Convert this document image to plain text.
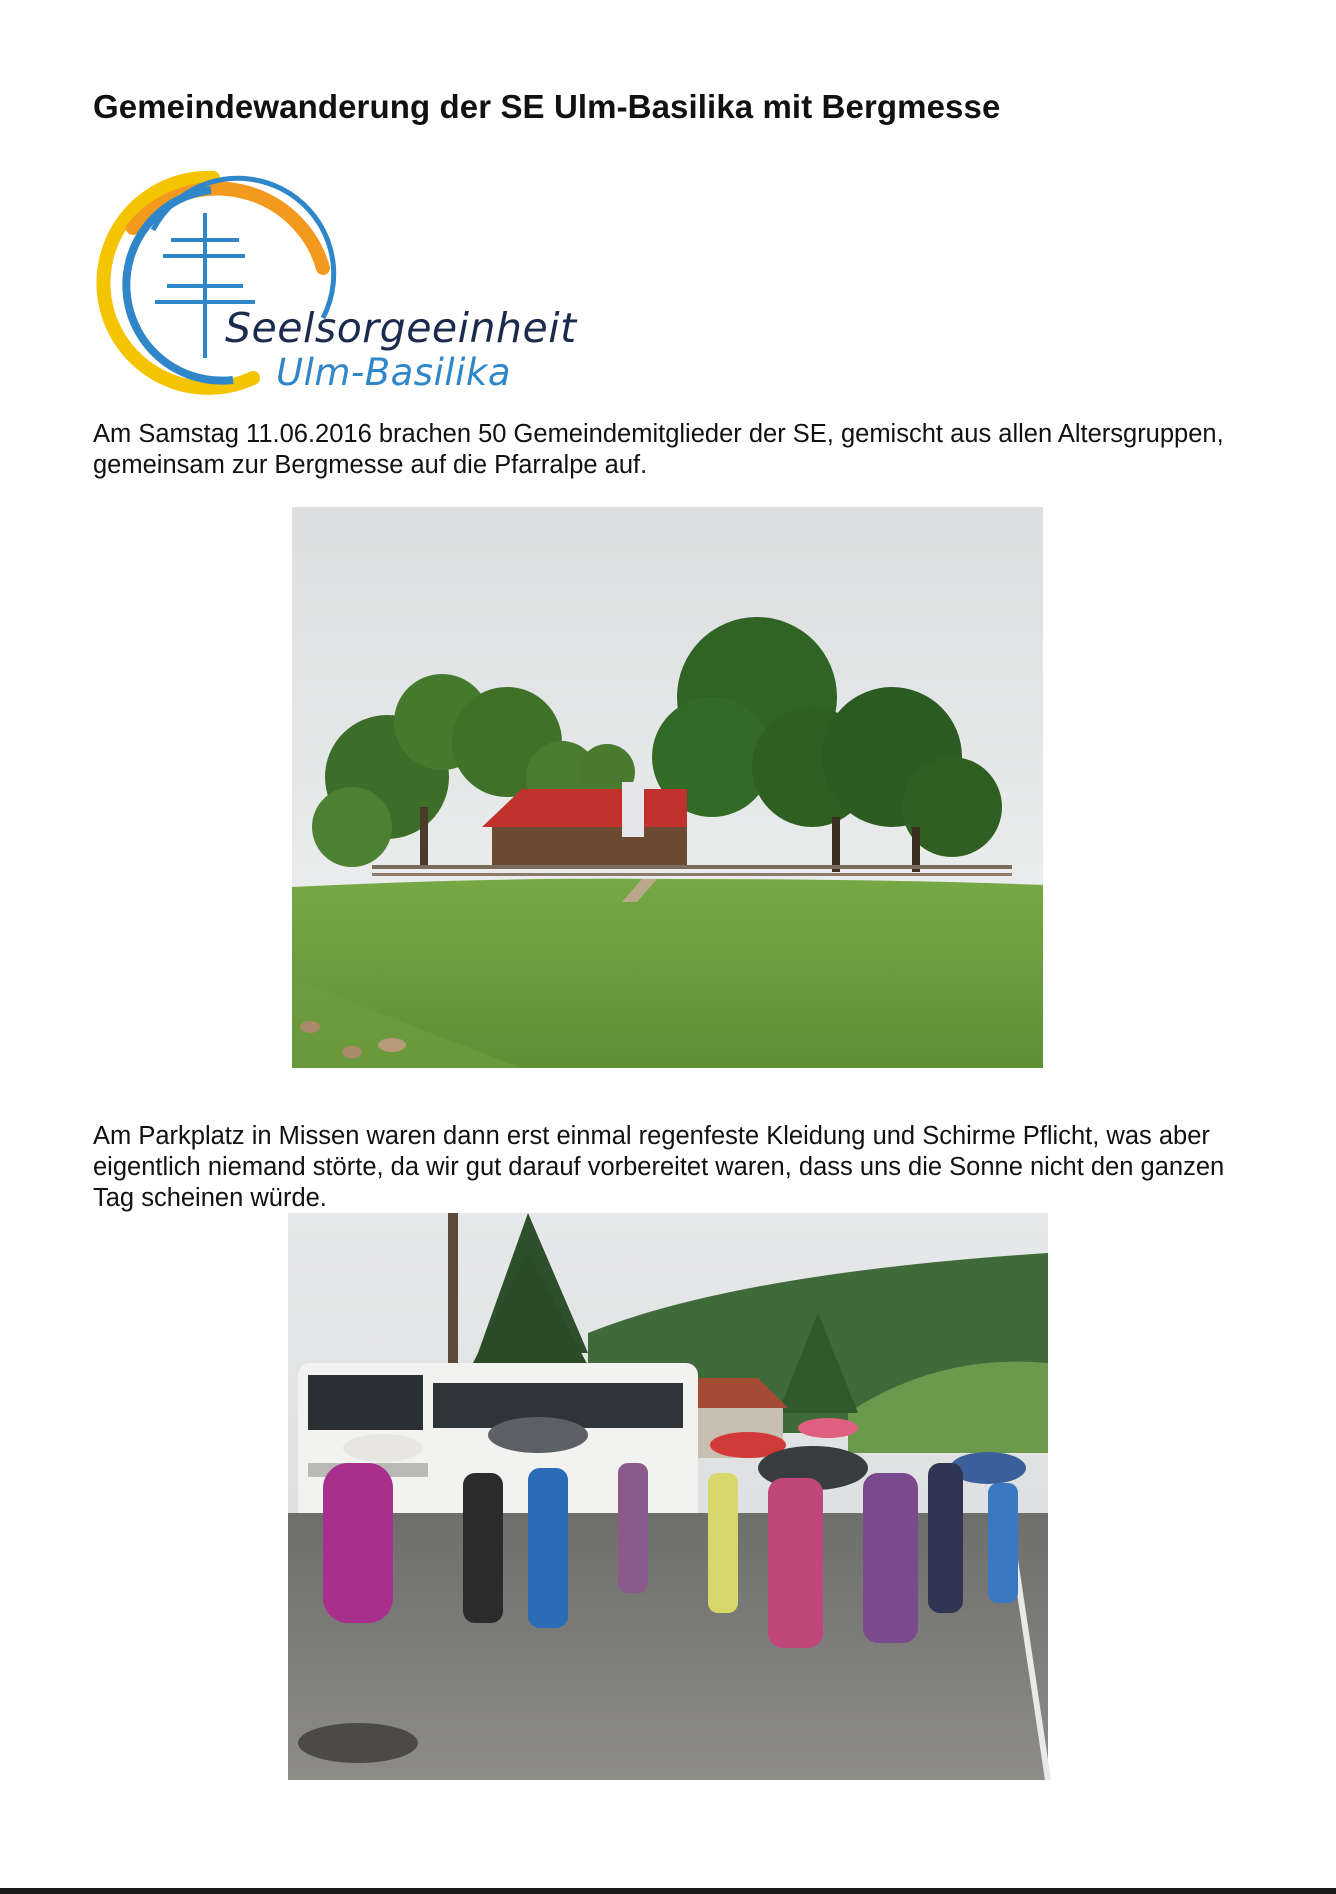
Gemeindewanderung der SE Ulm-Basilika mit Bergmesse

Seelsorgeeinheit

Ulm-Basilika

Am Samstag 11.06.2016 brachen 50 Gemeindemitglieder der SE, gemischt aus allen Altersgruppen, gemeinsam zur Bergmesse auf die Pfarralpe auf.

Am Parkplatz in Missen waren dann erst einmal regenfeste Kleidung und Schirme Pflicht, was aber eigentlich niemand störte, da wir gut darauf vorbereitet waren, dass uns die Sonne nicht den ganzen Tag scheinen würde.
